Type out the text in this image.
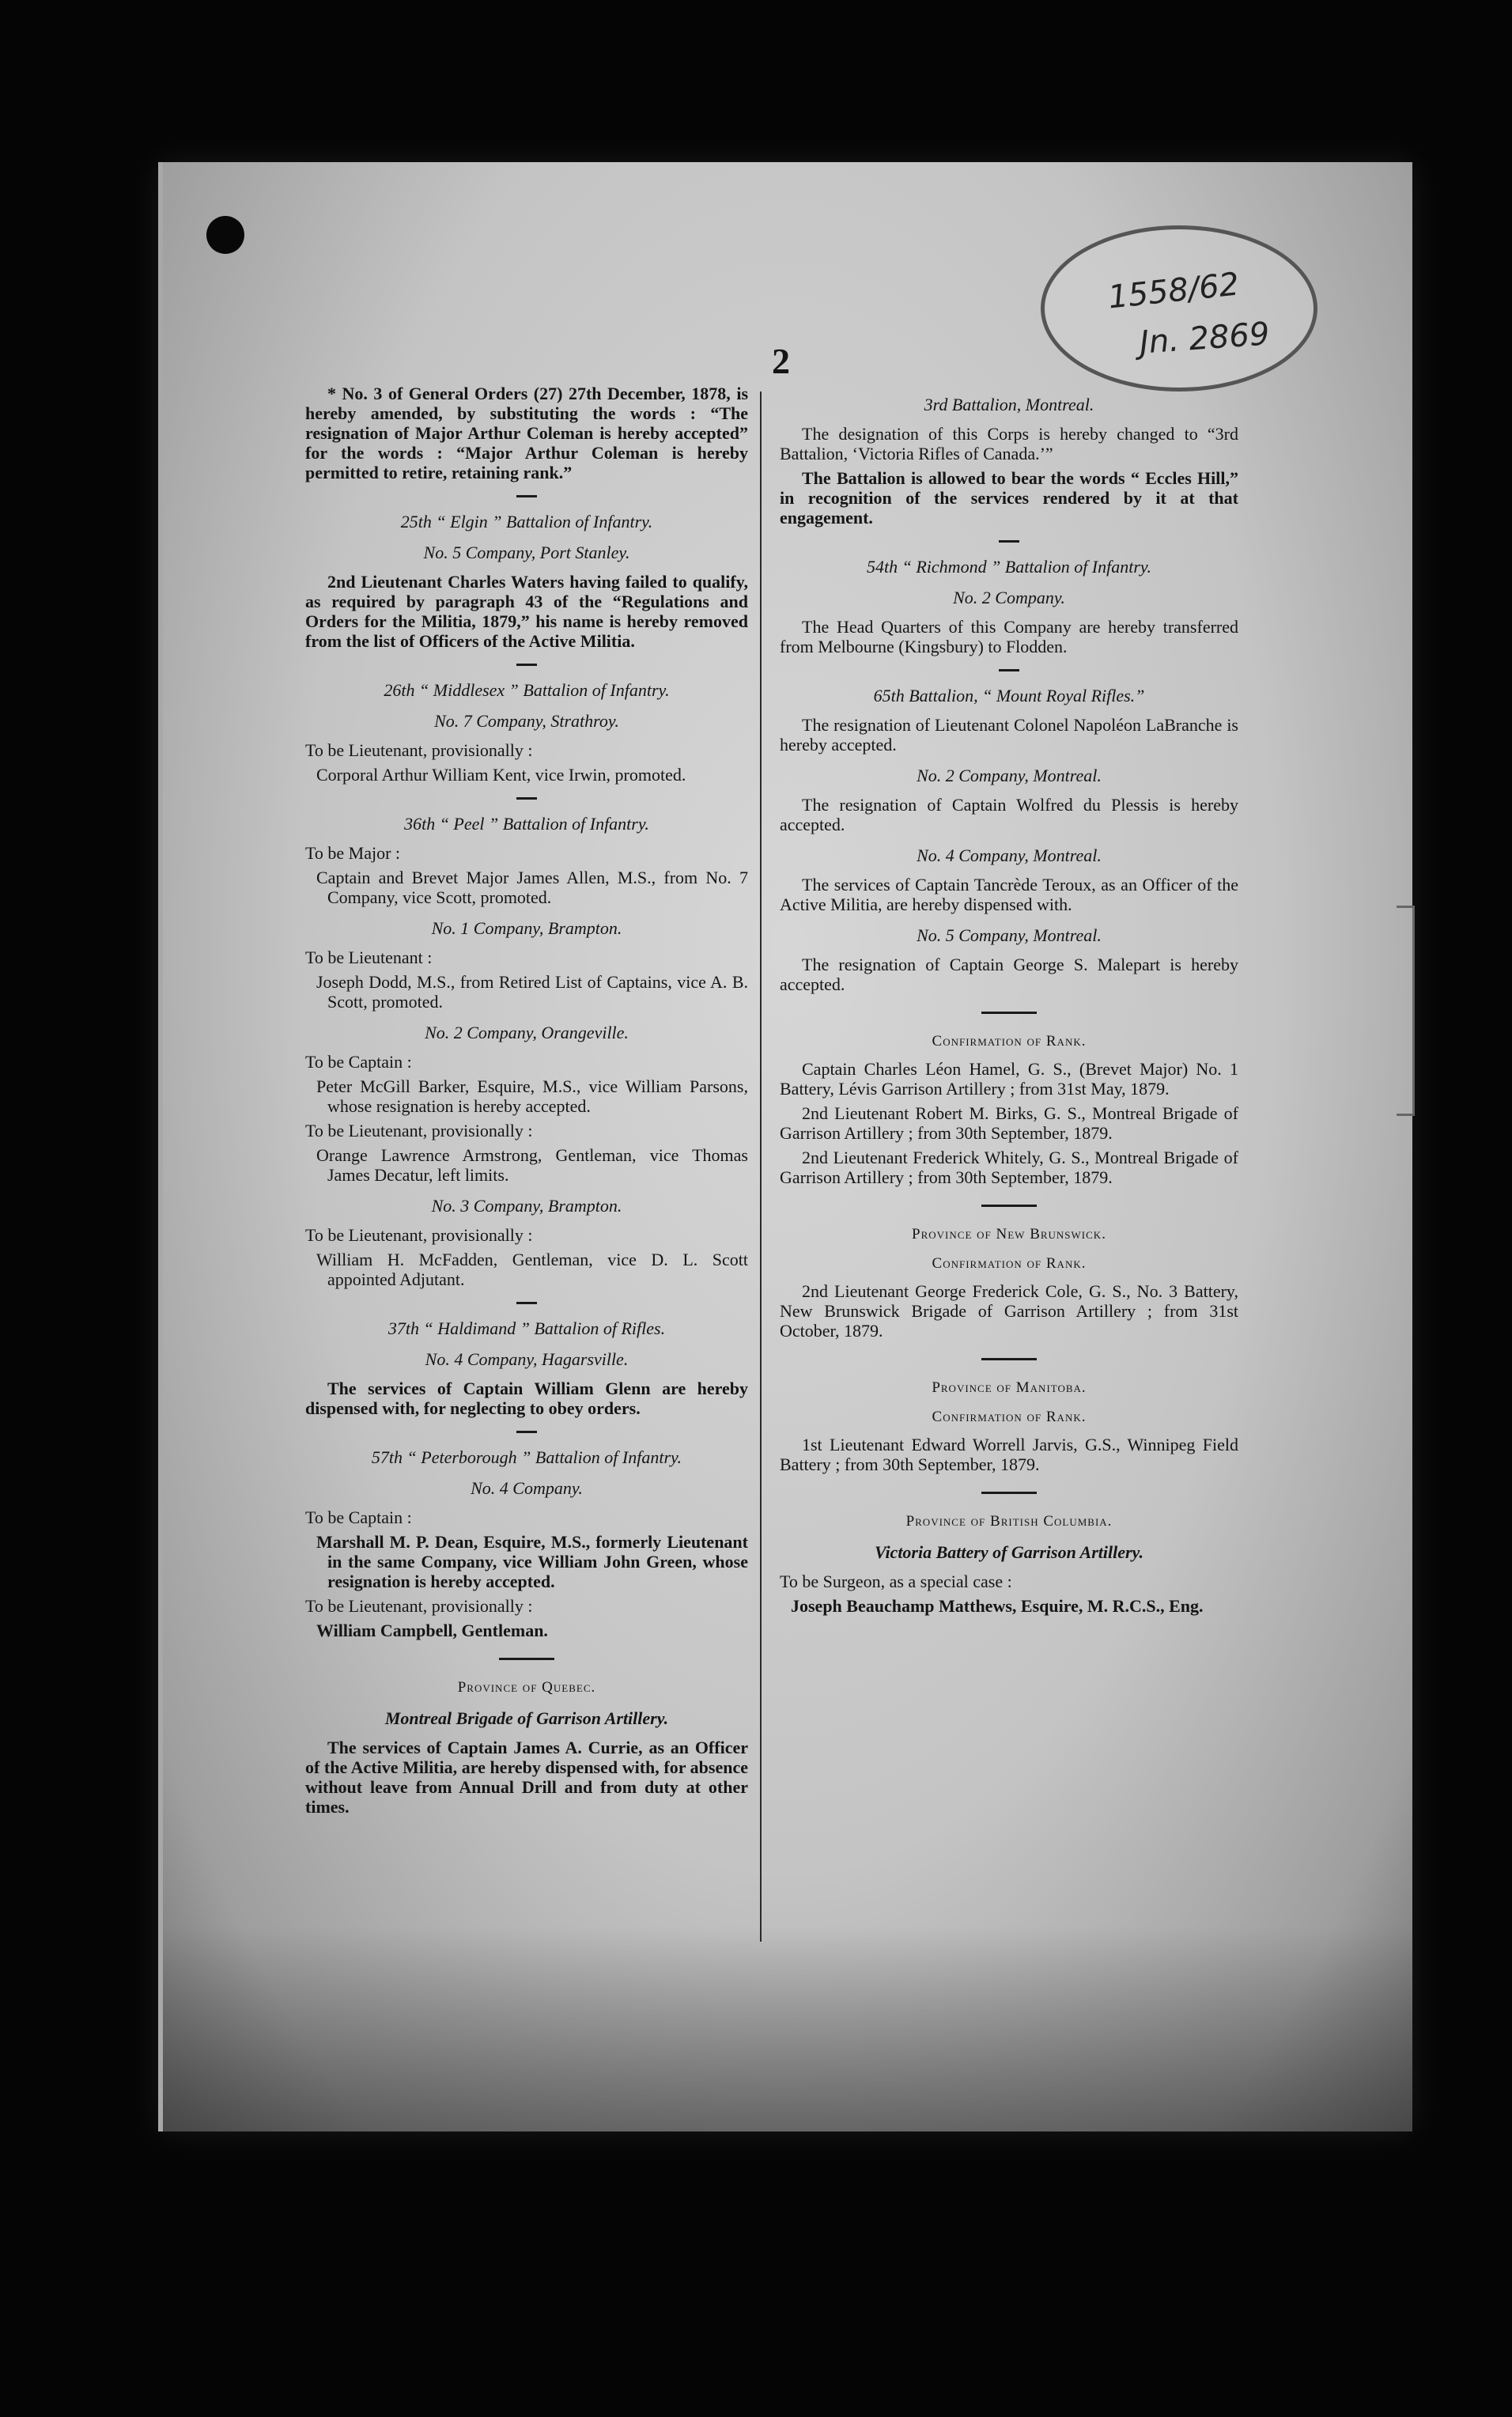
1558/62
Jn. 2869
2

* No. 3 of General Orders (27) 27th December, 1878, is hereby amended, by substituting the words : “The resignation of Major Arthur Coleman is hereby accepted” for the words : “Major Arthur Coleman is hereby permitted to retire, retaining rank.”

25th “ Elgin ” Battalion of Infantry.
No. 5 Company, Port Stanley.

2nd Lieutenant Charles Waters having failed to qualify, as required by paragraph 43 of the “Regulations and Orders for the Militia, 1879,” his name is hereby removed from the list of Officers of the Active Militia.

26th “ Middlesex ” Battalion of Infantry.
No. 7 Company, Strathroy.

To be Lieutenant, provisionally :

Corporal Arthur William Kent, vice Irwin, promoted.

36th “ Peel ” Battalion of Infantry.

To be Major :

Captain and Brevet Major James Allen, M.S., from No. 7 Company, vice Scott, promoted.

No. 1 Company, Brampton.

To be Lieutenant :

Joseph Dodd, M.S., from Retired List of Captains, vice A. B. Scott, promoted.

No. 2 Company, Orangeville.

To be Captain :

Peter McGill Barker, Esquire, M.S., vice William Parsons, whose resignation is hereby accepted.

To be Lieutenant, provisionally :

Orange Lawrence Armstrong, Gentleman, vice Thomas James Decatur, left limits.

No. 3 Company, Brampton.

To be Lieutenant, provisionally :

William H. McFadden, Gentleman, vice D. L. Scott appointed Adjutant.

37th “ Haldimand ” Battalion of Rifles.
No. 4 Company, Hagarsville.

The services of Captain William Glenn are hereby dispensed with, for neglecting to obey orders.

57th “ Peterborough ” Battalion of Infantry.
No. 4 Company.

To be Captain :

Marshall M. P. Dean, Esquire, M.S., formerly Lieutenant in the same Company, vice William John Green, whose resignation is hereby accepted.

To be Lieutenant, provisionally :

William Campbell, Gentleman.

Province of Quebec.
Montreal Brigade of Garrison Artillery.

The services of Captain James A. Currie, as an Officer of the Active Militia, are hereby dispensed with, for absence without leave from Annual Drill and from duty at other times.

3rd Battalion, Montreal.

The designation of this Corps is hereby changed to “3rd Battalion, ‘Victoria Rifles of Canada.’”

The Battalion is allowed to bear the words “ Eccles Hill,” in recognition of the services rendered by it at that engagement.

54th “ Richmond ” Battalion of Infantry.
No. 2 Company.

The Head Quarters of this Company are hereby transferred from Melbourne (Kingsbury) to Flodden.

65th Battalion, “ Mount Royal Rifles.”

The resignation of Lieutenant Colonel Napoléon LaBranche is hereby accepted.

No. 2 Company, Montreal.

The resignation of Captain Wolfred du Plessis is hereby accepted.

No. 4 Company, Montreal.

The services of Captain Tancrède Teroux, as an Officer of the Active Militia, are hereby dispensed with.

No. 5 Company, Montreal.

The resignation of Captain George S. Malepart is hereby accepted.

Confirmation of Rank.

Captain Charles Léon Hamel, G. S., (Brevet Major) No. 1 Battery, Lévis Garrison Artillery ; from 31st May, 1879.

2nd Lieutenant Robert M. Birks, G. S., Montreal Brigade of Garrison Artillery ; from 30th September, 1879.

2nd Lieutenant Frederick Whitely, G. S., Montreal Brigade of Garrison Artillery ; from 30th September, 1879.

Province of New Brunswick.
Confirmation of Rank.

2nd Lieutenant George Frederick Cole, G. S., No. 3 Battery, New Brunswick Brigade of Garrison Artillery ; from 31st October, 1879.

Province of Manitoba.
Confirmation of Rank.

1st Lieutenant Edward Worrell Jarvis, G.S., Winnipeg Field Battery ; from 30th September, 1879.

Province of British Columbia.
Victoria Battery of Garrison Artillery.

To be Surgeon, as a special case :

Joseph Beauchamp Matthews, Esquire, M. R.C.S., Eng.
